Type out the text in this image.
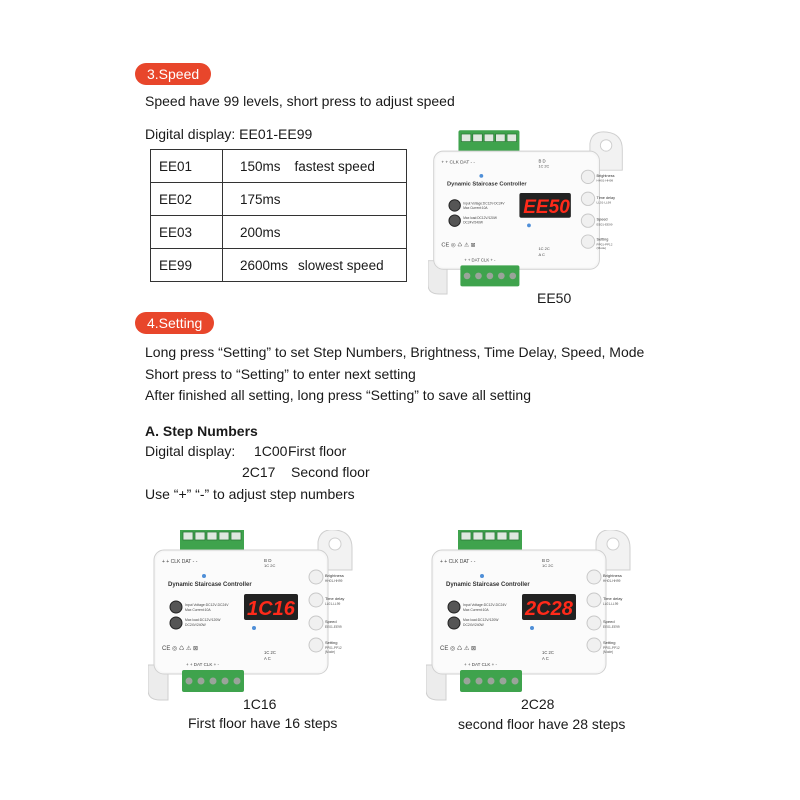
3.Speed
Speed have 99 levels, short press to adjust speed
Digital display: EE01-EE99
EE01	150ms fastest speed
EE02	175ms
EE03	200ms
EE99	2600ms slowest speed
EE50
EE50
4.Setting
Long press “Setting” to set Step Numbers, Brightness, Time Delay, Speed, Mode
Short press to “Setting” to enter next setting
After finished all setting, long press “Setting” to save all setting
A. Step Numbers
Digital display: 1C00 First floor
2C17 Second floor
Use “+” “-” to adjust step numbers
1C16
1C16
First floor have 16 steps
2C28
2C28
second floor have 28 steps
